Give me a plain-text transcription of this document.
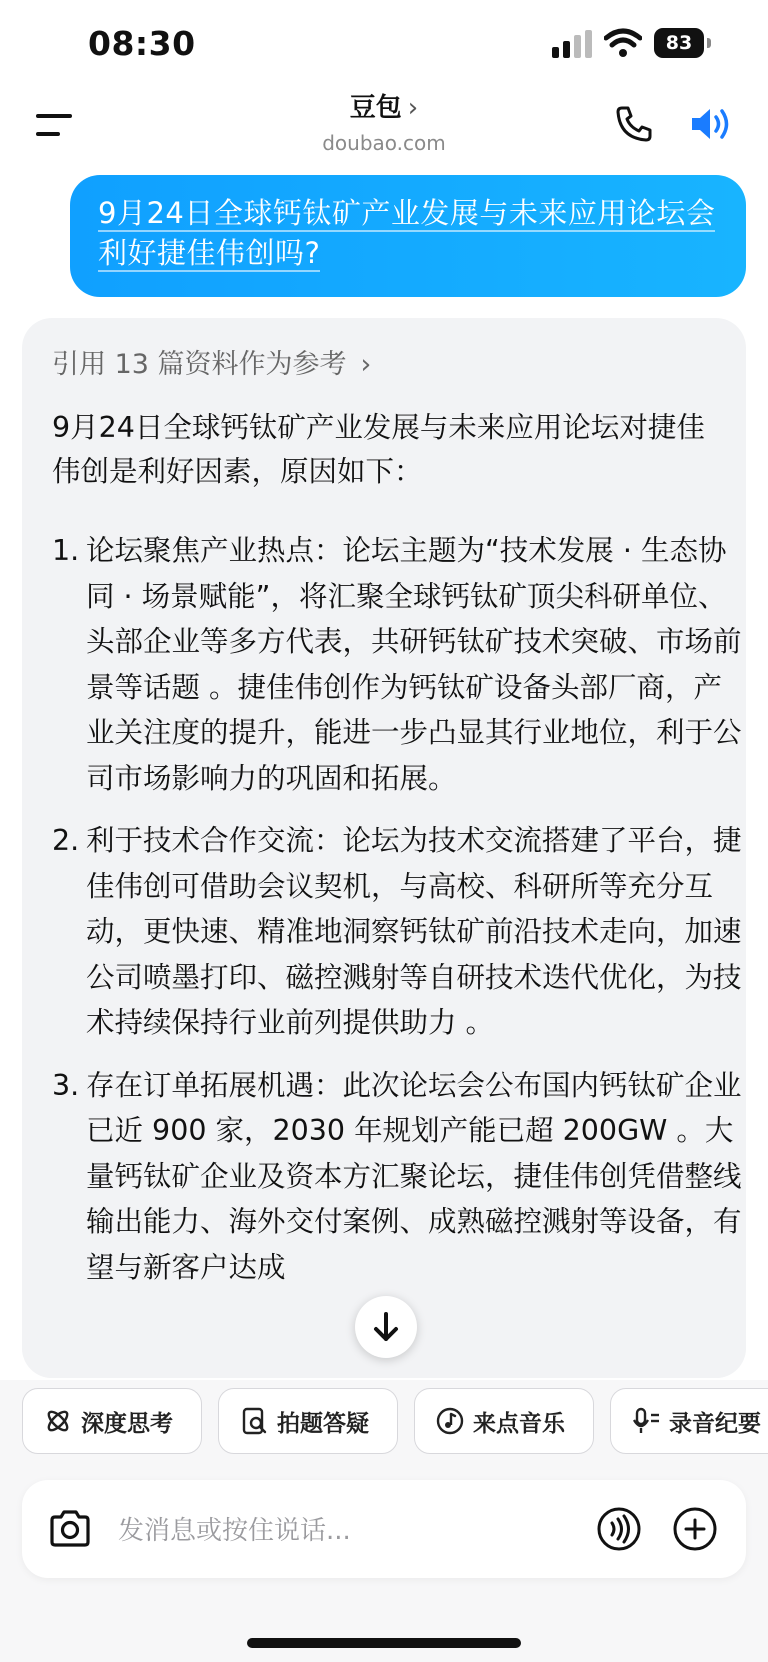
08:30	83
豆包 ›
doubao.com
9月24日全球钙钛矿产业发展与未来应用论坛会利好捷佳伟创吗?
引用 13 篇资料作为参考 ›
9月24日全球钙钛矿产业发展与未来应用论坛对捷佳伟创是利好因素，原因如下：
1. 论坛聚焦产业热点：论坛主题为“技术发展 · 生态协同 · 场景赋能”，将汇聚全球钙钛矿顶尖科研单位、头部企业等多方代表，共研钙钛矿技术突破、市场前景等话题 。捷佳伟创作为钙钛矿设备头部厂商，产业关注度的提升，能进一步凸显其行业地位，利于公司市场影响力的巩固和拓展。
2. 利于技术合作交流：论坛为技术交流搭建了平台，捷佳伟创可借助会议契机，与高校、科研所等充分互动，更快速、精准地洞察钙钛矿前沿技术走向，加速公司喷墨打印、磁控溅射等自研技术迭代优化，为技术持续保持行业前列提供助力 。
3. 存在订单拓展机遇：此次论坛会公布国内钙钛矿企业已近 900 家，2030 年规划产能已超 200GW 。大量钙钛矿企业及资本方汇聚论坛，捷佳伟创凭借整线输出能力、海外交付案例、成熟磁控溅射等设备，有望与新客户达成
深度思考	拍题答疑	来点音乐	录音纪要
发消息或按住说话...
